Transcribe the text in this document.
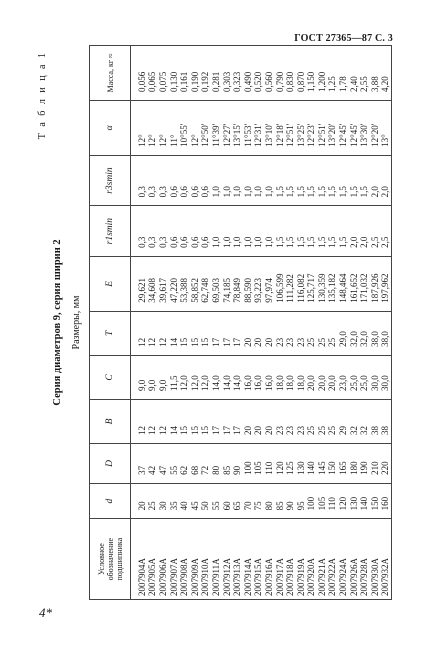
ГОСТ 27365—87 С. 3
Т а б л и ц а 1
Серия диаметров 9, серия ширин 2 Размеры, мм
Условное обозначение подшипника	d	D	B	C	T	E	r1smin	r3smin	α	Масса, кг ≈
2007904А	20	37	12	9,0	12	29,621	0,3	0,3	12°	0,056
2007905А	25	42	12	9,0	12	34,608	0,3	0,3	12°	0,065
2007906А	30	47	12	9,0	12	39,617	0,3	0,3	12°	0,075
2007907А	35	55	14	11,5	14	47,220	0,6	0,6	11°	0,130
2007908А	40	62	15	12,0	15	53,388	0,6	0,6	10°55'	0,161
2007909А	45	68	15	12,0	15	58,852	0,6	0,6	12°	0,190
2007910А	50	72	15	12,0	15	62,748	0,6	0,6	12°50'	0,192
2007911А	55	80	17	14,0	17	69,503	1,0	1,0	11°39'	0,281
2007912А	60	85	17	14,0	17	74,185	1,0	1,0	12°27'	0,303
2007913А	65	90	17	14,0	17	78,849	1,0	1,0	13°15'	0,323
2007914А	70	100	20	16,0	20	88,590	1,0	1,0	11°53'	0,490
2007915А	75	105	20	16,0	20	93,223	1,0	1,0	12°31'	0,520
2007916А	80	110	20	16,0	20	97,974	1,0	1,0	13°10'	0,560
2007917А	85	120	23	18,0	23	106,599	1,5	1,5	12°18'	0,790
2007918А	90	125	23	18,0	23	111,282	1,5	1,5	12°51'	0,830
2007919А	95	130	23	18,0	23	116,082	1,5	1,5	13°25'	0,870
2007920А	100	140	25	20,0	25	125,717	1,5	1,5	12°23'	1,150
2007921А	105	145	25	20,0	25	130,359	1,5	1,5	12°51'	1,200
2007922А	110	150	25	20,0	25	135,182	1,5	1,5	13°20'	1,25
2007924А	120	165	29	23,0	29,0	148,464	1,5	1,5	12°45'	1,78
2007926А	130	180	32	25,0	32,0	161,652	2,0	1,5	12°45'	2,40
2007928А	140	190	32	25,0	32,0	171,032	2,0	1,5	13°30'	2,55
2007930А	150	210	38	30,0	38,0	187,926	2,5	2,0	12°20'	3,88
2007932А	160	220	38	30,0	38,0	197,962	2,5	2,0	13°	4,20
4*
